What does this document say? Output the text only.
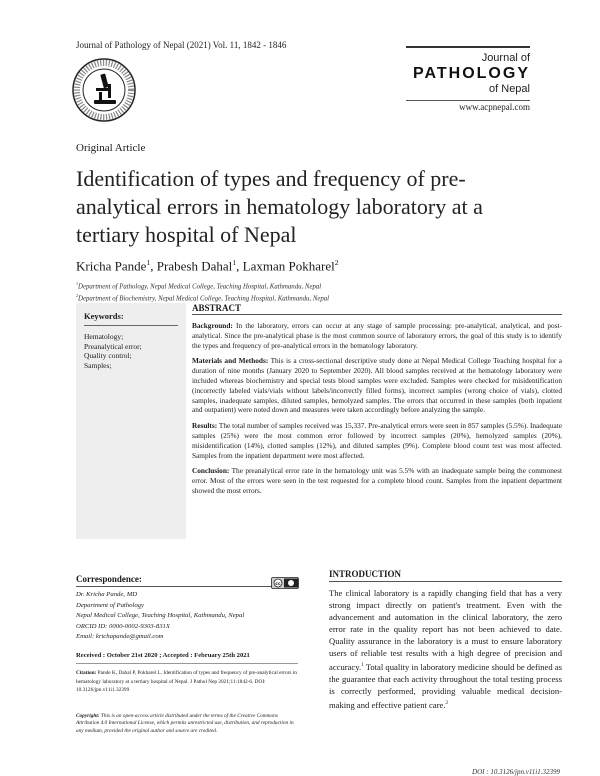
Journal of Pathology of Nepal (2021) Vol. 11, 1842 - 1846
Journal of
PATHOLOGY
of Nepal
www.acpnepal.com
Original Article
Identification of types and frequency of pre-analytical errors in hematology laboratory at a tertiary hospital of Nepal
Kricha Pande$^1$, Prabesh Dahal$^1$, Laxman Pokharel$^2$
$^1$Department of Pathology, Nepal Medical College, Teaching Hospital, Kathmandu, Nepal
$^2$Department of Biochemistry, Nepal Medical College, Teaching Hospital, Kathmandu, Nepal
Keywords:
Hematology;
Preanalytical error;
Quality control;
Samples;
ABSTRACT

Background: In the laboratory, errors can occur at any stage of sample processing: pre-analytical, analytical, and post-analytical. Since the pre-analytical phase is the most common source of laboratory errors, the goal of this study is to identify the types and frequency of pre-analytical errors in the hematology laboratory.

Materials and Methods: This is a cross-sectional descriptive study done at Nepal Medical College Teaching hospital for a duration of nine months (January 2020 to September 2020). All blood samples received at the hematology laboratory were included whereas biochemistry and special tests blood samples were excluded. Samples were checked for misidentification (incorrectly labeled vials/vials without labels/incorrectly filled forms), incorrect samples (wrong choice of vials), clotted samples, inadequate samples, diluted samples, hemolyzed samples. The errors that occurred in these samples (both inpatient and outpatient) were noted down and measures were taken accordingly before analyzing the sample.

Results: The total number of samples received was 15,337. Pre-analytical errors were seen in 857 samples (5.5%). Inadequate samples (25%) were the most common error followed by incorrect samples (20%), hemolyzed samples (20%), misidentification (14%), clotted samples (12%), and diluted samples (9%). Complete blood count test was most affected. Samples from the inpatient department were most affected.

Conclusion: The preanalytical error rate in the hematology unit was 5.5% with an inadequate sample being the commonest error. Most of the errors were seen in the test requested for a complete blood count. Samples from the inpatient department showed the most errors.

Correspondence:
Dr. Kricha Pande, MD
Department of Pathology
Nepal Medical College, Teaching Hospital, Kathmandu, Nepal
ORCID ID: 0000-0002-9303-831X
Email: krichapande@gmail.com
cc
Received : October 21st 2020 ; Accepted : February 25th 2021
Citation: Pande K, Dahal P, Pokharel L. Identification of types and frequency of pre-analytical errors in hematology laboratory at a tertiary hospital of Nepal. J Pathol Nep 2021;11:1842-6. DOI: 10.3126/jpn.v11i1.32399
Copyright: This is an open-access article distributed under the terms of the Creative Commons Attribution 4.0 International License, which permits unrestricted use, distribution, and reproduction in any medium, provided the original author and source are credited.
INTRODUCTION
The clinical laboratory is a rapidly changing field that has a very strong impact directly on patient's treatment. Even with the advancement and automation in the clinical laboratory, the zero error rate in the quality report has not been achieved to date. Quality assurance in the laboratory is a must to ensure laboratory users of reliable test results with a high degree of precision and accuracy.$^1$ Total quality in laboratory medicine should be defined as the guarantee that each activity throughout the total testing process is correctly performed, providing valuable medical decision-making and effective patient care.$^2$
DOI : 10.3126/jpn.v11i1.32399
